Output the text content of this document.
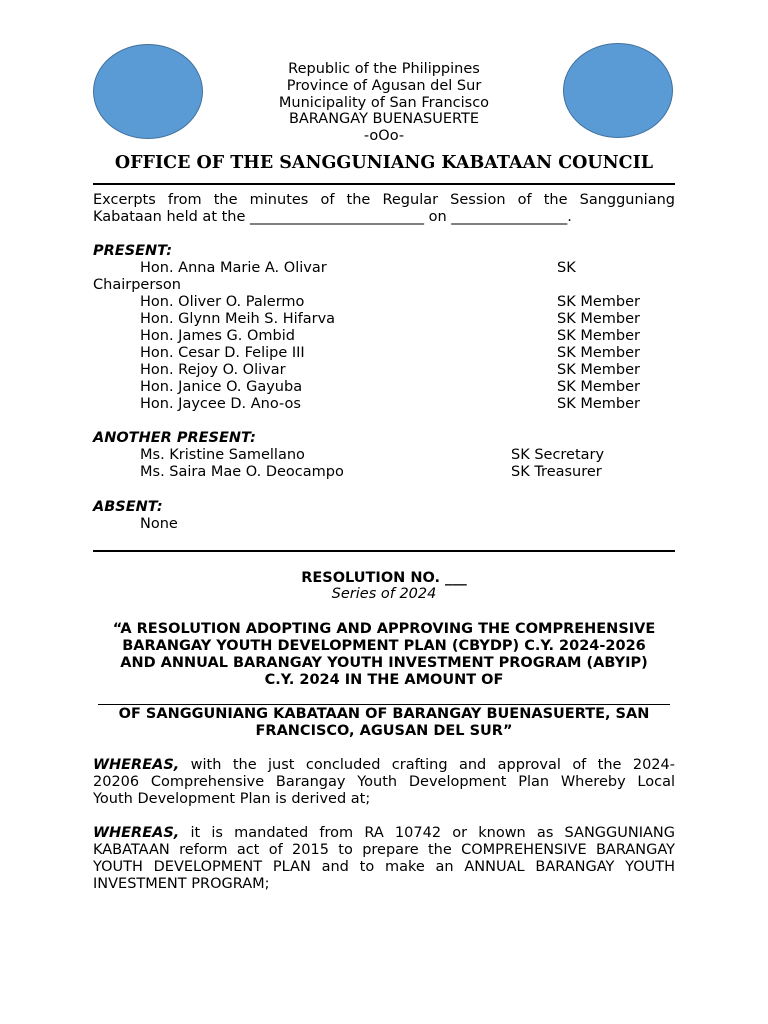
Republic of the Philippines
Province of Agusan del Sur
Municipality of San Francisco
BARANGAY BUENASUERTE
-oOo-
OFFICE OF THE SANGGUNIANG KABATAAN COUNCIL
Excerpts from the minutes of the Regular Session of the Sangguniang
Kabataan held at the ________________________ on ________________.
PRESENT:
Hon. Anna Marie A. Olivar	SK
Chairperson
Hon. Oliver O. Palermo	SK Member
Hon. Glynn Meih S. Hifarva	SK Member
Hon. James G. Ombid	SK Member
Hon. Cesar D. Felipe III	SK Member
Hon. Rejoy O. Olivar	SK Member
Hon. Janice O. Gayuba	SK Member
Hon. Jaycee D. Ano-os	SK Member
ANOTHER PRESENT:
Ms. Kristine Samellano	SK Secretary
Ms. Saira Mae O. Deocampo	SK Treasurer
ABSENT:
None
RESOLUTION NO. ___
Series of 2024
“A RESOLUTION ADOPTING AND APPROVING THE COMPREHENSIVE
BARANGAY YOUTH DEVELOPMENT PLAN (CBYDP) C.Y. 2024-2026
AND ANNUAL BARANGAY YOUTH INVESTMENT PROGRAM (ABYIP)
C.Y. 2024 IN THE AMOUNT OF
OF SANGGUNIANG KABATAAN OF BARANGAY BUENASUERTE, SAN
FRANCISCO, AGUSAN DEL SUR”
WHEREAS, with the just concluded crafting and approval of the 2024-
20206 Comprehensive Barangay Youth Development Plan Whereby Local
Youth Development Plan is derived at;
WHEREAS, it is mandated from RA 10742 or known as SANGGUNIANG
KABATAAN reform act of 2015 to prepare the COMPREHENSIVE BARANGAY
YOUTH DEVELOPMENT PLAN and to make an ANNUAL BARANGAY YOUTH
INVESTMENT PROGRAM;
